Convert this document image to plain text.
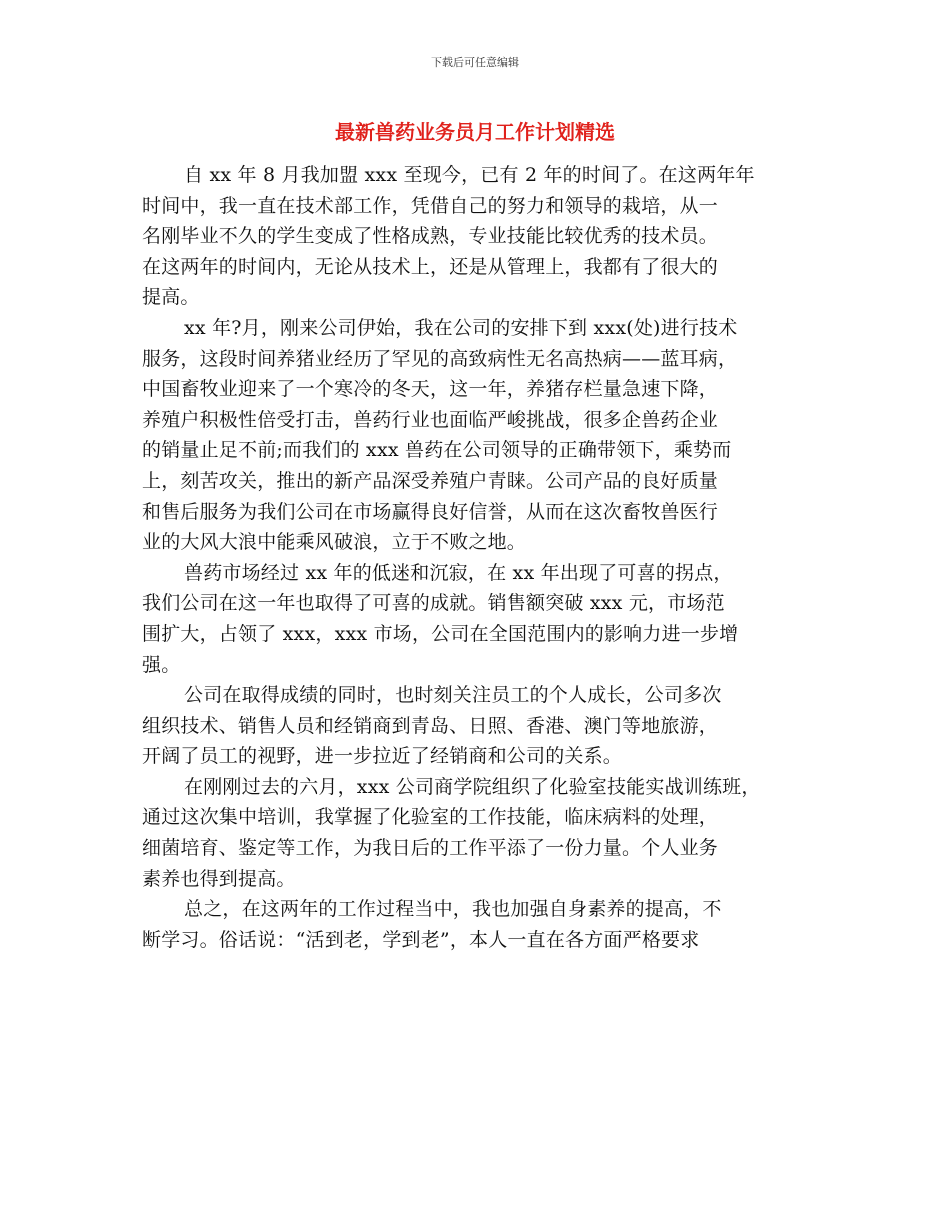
下载后可任意编辑
最新兽药业务员月工作计划精选
自 xx 年 8 月我加盟 xxx 至现今，已有 2 年的时间了。在这两年年
时间中，我一直在技术部工作，凭借自己的努力和领导的栽培，从一
名刚毕业不久的学生变成了性格成熟，专业技能比较优秀的技术员。
在这两年的时间内，无论从技术上，还是从管理上，我都有了很大的
提高。
xx 年?月，刚来公司伊始，我在公司的安排下到 xxx(处)进行技术
服务，这段时间养猪业经历了罕见的高致病性无名高热病——蓝耳病，
中国畜牧业迎来了一个寒冷的冬天，这一年，养猪存栏量急速下降，
养殖户积极性倍受打击，兽药行业也面临严峻挑战，很多企兽药企业
的销量止足不前;而我们的 xxx 兽药在公司领导的正确带领下，乘势而
上，刻苦攻关，推出的新产品深受养殖户青睐。公司产品的良好质量
和售后服务为我们公司在市场赢得良好信誉，从而在这次畜牧兽医行
业的大风大浪中能乘风破浪，立于不败之地。
兽药市场经过 xx 年的低迷和沉寂，在 xx 年出现了可喜的拐点，
我们公司在这一年也取得了可喜的成就。销售额突破 xxx 元，市场范
围扩大，占领了 xxx，xxx 市场，公司在全国范围内的影响力进一步增
强。
公司在取得成绩的同时，也时刻关注员工的个人成长，公司多次
组织技术、销售人员和经销商到青岛、日照、香港、澳门等地旅游，
开阔了员工的视野，进一步拉近了经销商和公司的关系。
在刚刚过去的六月，xxx 公司商学院组织了化验室技能实战训练班，
通过这次集中培训，我掌握了化验室的工作技能，临床病料的处理，
细菌培育、鉴定等工作，为我日后的工作平添了一份力量。个人业务
素养也得到提高。
总之，在这两年的工作过程当中，我也加强自身素养的提高，不
断学习。俗话说：“活到老，学到老”，本人一直在各方面严格要求
